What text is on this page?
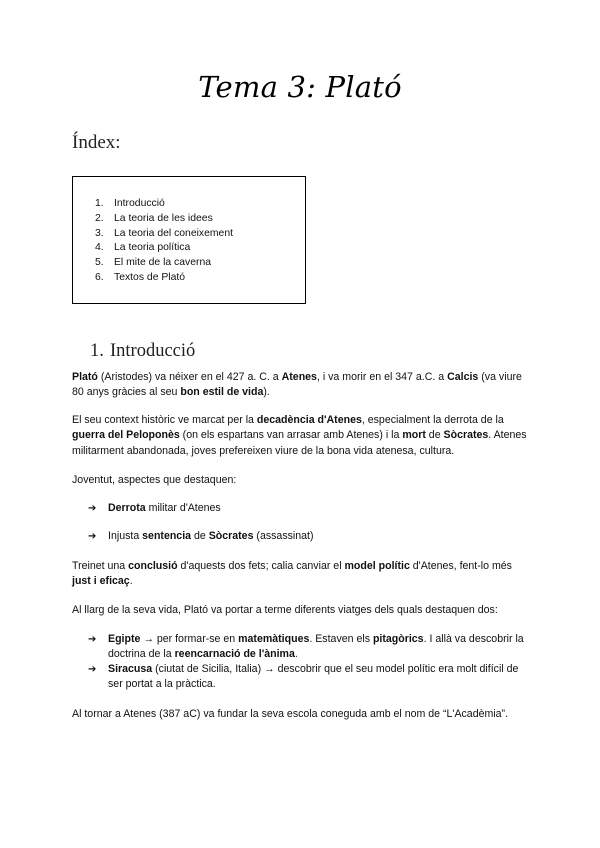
Tema 3: Plató
Índex:
1. Introducció
2. La teoria de les idees
3. La teoria del coneixement
4. La teoria política
5. El mite de la caverna
6. Textos de Plató
1. Introducció
Plató (Aristodes) va néixer en el 427 a. C. a Atenes, i va morir en el 347 a.C. a Calcis (va viure 80 anys gràcies al seu bon estil de vida).
El seu context històric ve marcat per la decadència d'Atenes, especialment la derrota de la guerra del Peloponès (on els espartans van arrasar amb Atenes) i la mort de Sòcrates. Atenes militarment abandonada, joves prefereixen viure de la bona vida atenesa, cultura.
Joventut, aspectes que destaquen:
➔ Derrota militar d'Atenes
➔ Injusta sentencia de Sòcrates (assassinat)
Treinet una conclusió d'aquests dos fets; calia canviar el model polític d'Atenes, fent-lo més just i eficaç.
Al llarg de la seva vida, Plató va portar a terme diferents viatges dels quals destaquen dos:
➔ Egipte → per formar-se en matemàtiques. Estaven els pitagòrics. I allà va descobrir la doctrina de la reencarnació de l'ànima.
➔ Siracusa (ciutat de Sicilia, Italia) → descobrir que el seu model polític era molt difícil de ser portat a la pràctica.
Al tornar a Atenes (387 aC) va fundar la seva escola coneguda amb el nom de “L'Acadèmia”.
